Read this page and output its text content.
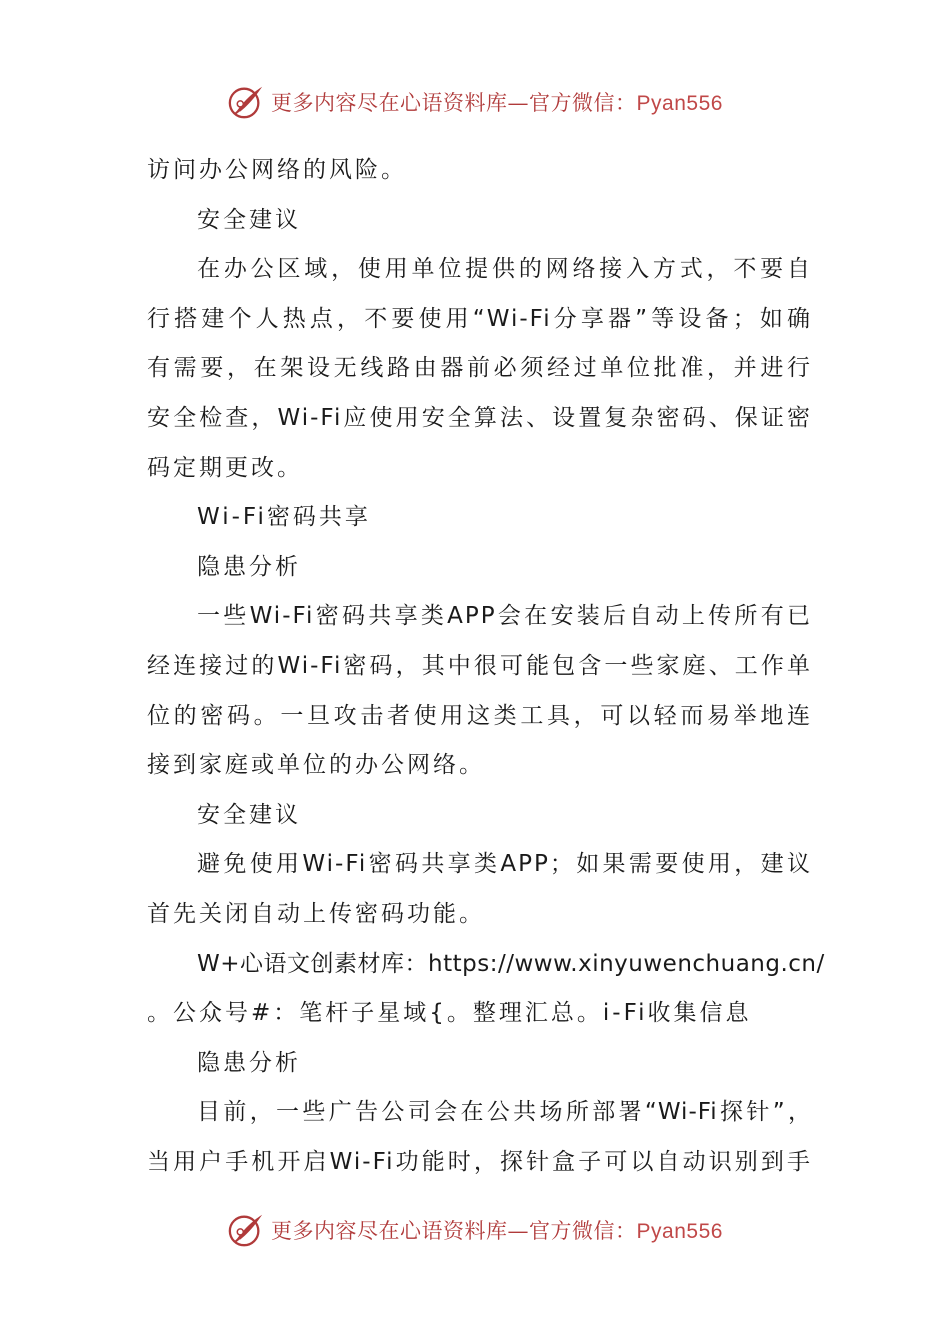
更多内容尽在心语资料库—官方微信：Pyan556
访问办公网络的风险。
安全建议
在办公区域，使用单位提供的网络接入方式，不要自
行搭建个人热点，不要使用“Wi-Fi分享器”等设备；如确
有需要，在架设无线路由器前必须经过单位批准，并进行
安全检查，Wi-Fi应使用安全算法、设置复杂密码、保证密
码定期更改。
Wi-Fi密码共享
隐患分析
一些Wi-Fi密码共享类APP会在安装后自动上传所有已
经连接过的Wi-Fi密码，其中很可能包含一些家庭、工作单
位的密码。一旦攻击者使用这类工具，可以轻而易举地连
接到家庭或单位的办公网络。
安全建议
避免使用Wi-Fi密码共享类APP；如果需要使用，建议
首先关闭自动上传密码功能。
W+心语文创素材库：https://www.xinyuwenchuang.cn/
。公众号#：笔杆子星域{。整理汇总。i-Fi收集信息
隐患分析
目前，一些广告公司会在公共场所部署“Wi-Fi探针”，
当用户手机开启Wi-Fi功能时，探针盒子可以自动识别到手
更多内容尽在心语资料库—官方微信：Pyan556
